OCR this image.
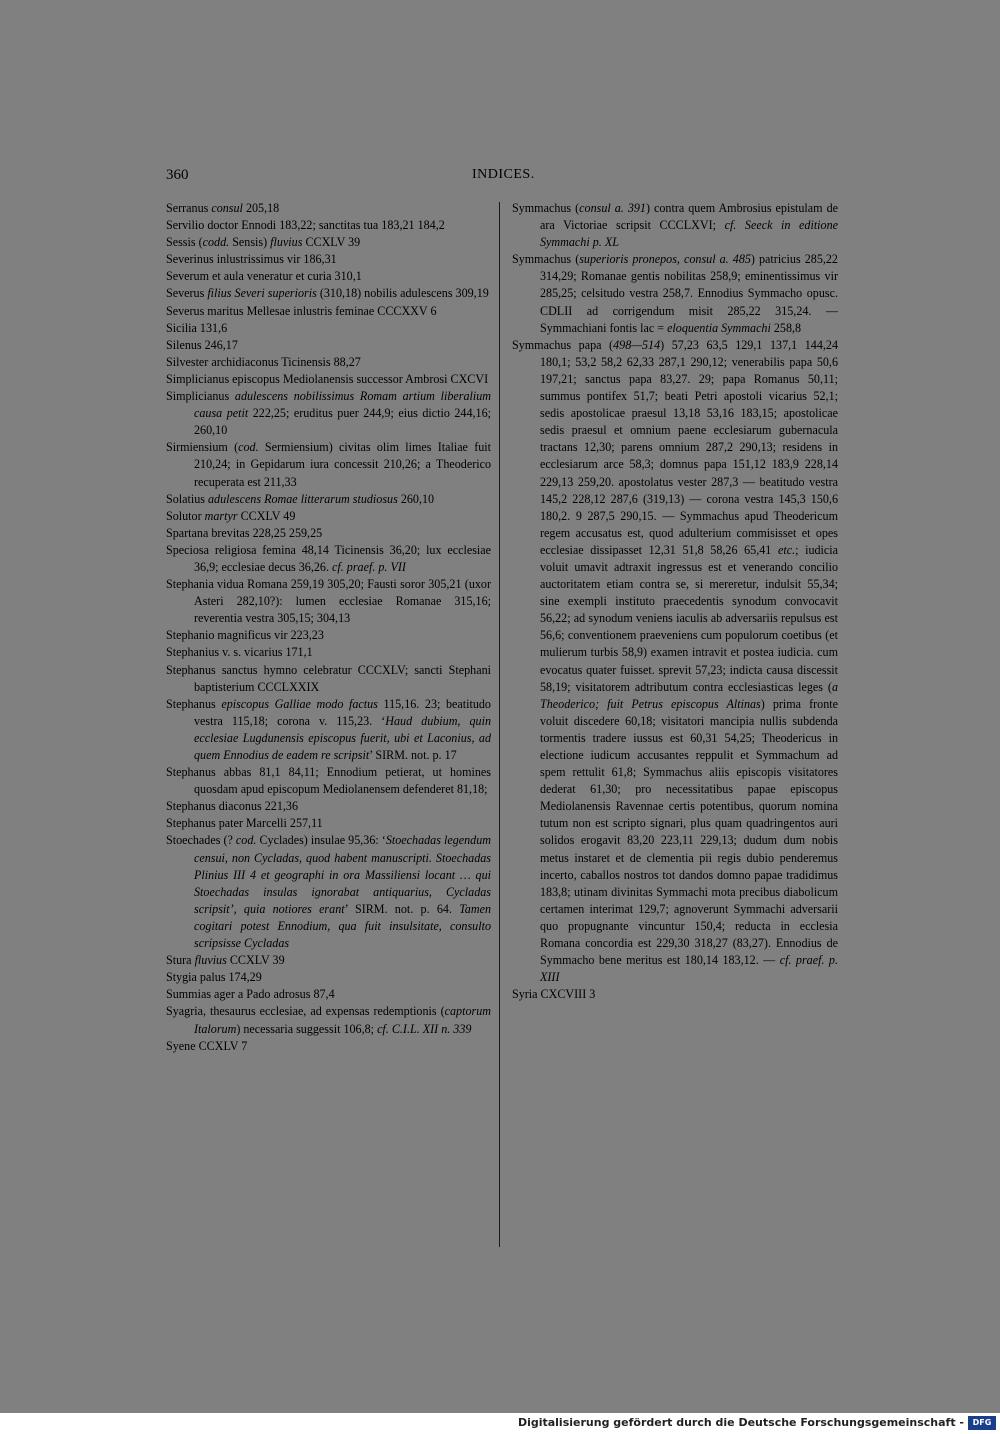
360	INDICES.

Serranus consul 205,18

Servilio doctor Ennodi 183,22; sanctitas tua 183,21 184,2

Sessis (codd. Sensis) fluvius CCXLV 39

Severinus inlustrissimus vir 186,31

Severum et aula veneratur et curia 310,1

Severus filius Severi superioris (310,18) nobilis adulescens 309,19

Severus maritus Mellesae inlustris feminae CCCXXV 6

Sicilia 131,6

Silenus 246,17

Silvester archidiaconus Ticinensis 88,27

Simplicianus episcopus Mediolanensis successor Ambrosi CXCVI

Simplicianus adulescens nobilissimus Romam artium liberalium causa petit 222,25; eruditus puer 244,9; eius dictio 244,16; 260,10

Sirmiensium (cod. Sermiensium) civitas olim limes Italiae fuit 210,24; in Gepidarum iura concessit 210,26; a Theoderico recuperata est 211,33

Solatius adulescens Romae litterarum studiosus 260,10

Solutor martyr CCXLV 49

Spartana brevitas 228,25 259,25

Speciosa religiosa femina 48,14 Ticinensis 36,20; lux ecclesiae 36,9; ecclesiae decus 36,26. cf. praef. p. VII

Stephania vidua Romana 259,19 305,20; Fausti soror 305,21 (uxor Asteri 282,10?): lumen ecclesiae Romanae 315,16; reverentia vestra 305,15; 304,13

Stephanio magnificus vir 223,23

Stephanius v. s. vicarius 171,1

Stephanus sanctus hymno celebratur CCCXLV; sancti Stephani baptisterium CCCLXXIX

Stephanus episcopus Galliae modo factus 115,16. 23; beatitudo vestra 115,18; corona v. 115,23. ‘Haud dubium, quin ecclesiae Lugdunensis episcopus fuerit, ubi et Laconius, ad quem Ennodius de eadem re scripsit’ SIRM. not. p. 17

Stephanus abbas 81,1 84,11; Ennodium petierat, ut homines quosdam apud episcopum Mediolanensem defenderet 81,18;

Stephanus diaconus 221,36

Stephanus pater Marcelli 257,11

Stoechades (? cod. Cyclades) insulae 95,36: ‘Stoechadas legendum censui, non Cycladas, quod habent manuscripti. Stoechadas Plinius III 4 et geographi in ora Massiliensi locant … qui Stoechadas insulas ignorabat antiquarius, Cycladas scripsit’, quia notiores erant’ SIRM. not. p. 64. Tamen cogitari potest Ennodium, qua fuit insulsitate, consulto scripsisse Cycladas

Stura fluvius CCXLV 39

Stygia palus 174,29

Summias ager a Pado adrosus 87,4

Syagria, thesaurus ecclesiae, ad expensas redemptionis (captorum Italorum) necessaria suggessit 106,8; cf. C.I.L. XII n. 339

Syene CCXLV 7

Symmachus (consul a. 391) contra quem Ambrosius epistulam de ara Victoriae scripsit CCCLXVI; cf. Seeck in editione Symmachi p. XL

Symmachus (superioris pronepos, consul a. 485) patricius 285,22 314,29; Romanae gentis nobilitas 258,9; eminentissimus vir 285,25; celsitudo vestra 258,7. Ennodius Symmacho opusc. CDLII ad corrigendum misit 285,22 315,24. — Symmachiani fontis lac = eloquentia Symmachi 258,8

Symmachus papa (498—514) 57,23 63,5 129,1 137,1 144,24 180,1; 53,2 58,2 62,33 287,1 290,12; venerabilis papa 50,6 197,21; sanctus papa 83,27. 29; papa Romanus 50,11; summus pontifex 51,7; beati Petri apostoli vicarius 52,1; sedis apostolicae praesul 13,18 53,16 183,15; apostolicae sedis praesul et omnium paene ecclesiarum gubernacula tractans 12,30; parens omnium 287,2 290,13; residens in ecclesiarum arce 58,3; domnus papa 151,12 183,9 228,14 229,13 259,20. apostolatus vester 287,3 — beatitudo vestra 145,2 228,12 287,6 (319,13) — corona vestra 145,3 150,6 180,2. 9 287,5 290,15. — Symmachus apud Theodericum regem accusatus est, quod adulterium commisisset et opes ecclesiae dissipasset 12,31 51,8 58,26 65,41 etc.; iudicia voluit umavit adtraxit ingressus est et venerando concilio auctoritatem etiam contra se, si mereretur, indulsit 55,34; sine exempli instituto praecedentis synodum convocavit 56,22; ad synodum veniens iaculis ab adversariis repulsus est 56,6; conventionem praeveniens cum populorum coetibus (et mulierum turbis 58,9) examen intravit et postea iudicia. cum evocatus quater fuisset. sprevit 57,23; indicta causa discessit 58,19; visitatorem adtributum contra ecclesiasticas leges (a Theoderico; fuit Petrus episcopus Altinas) prima fronte voluit discedere 60,18; visitatori mancipia nullis subdenda tormentis tradere iussus est 60,31 54,25; Theodericus in electione iudicum accusantes reppulit et Symmachum ad spem rettulit 61,8; Symmachus aliis episcopis visitatores dederat 61,30; pro necessitatibus papae episcopus Mediolanensis Ravennae certis potentibus, quorum nomina tutum non est scripto signari, plus quam quadringentos auri solidos erogavit 83,20 223,11 229,13; dudum dum nobis metus instaret et de clementia pii regis dubio penderemus incerto, caballos nostros tot dandos domno papae tradidimus 183,8; utinam divinitas Symmachi mota precibus diabolicum certamen interimat 129,7; agnoverunt Symmachi adversarii quo propugnante vincuntur 150,4; reducta in ecclesia Romana concordia est 229,30 318,27 (83,27). Ennodius de Symmacho bene meritus est 180,14 183,12. — cf. praef. p. XIII

Syria CXCVIII 3

Digitalisierung gefördert durch die Deutsche Forschungsgemeinschaft -	DFG
